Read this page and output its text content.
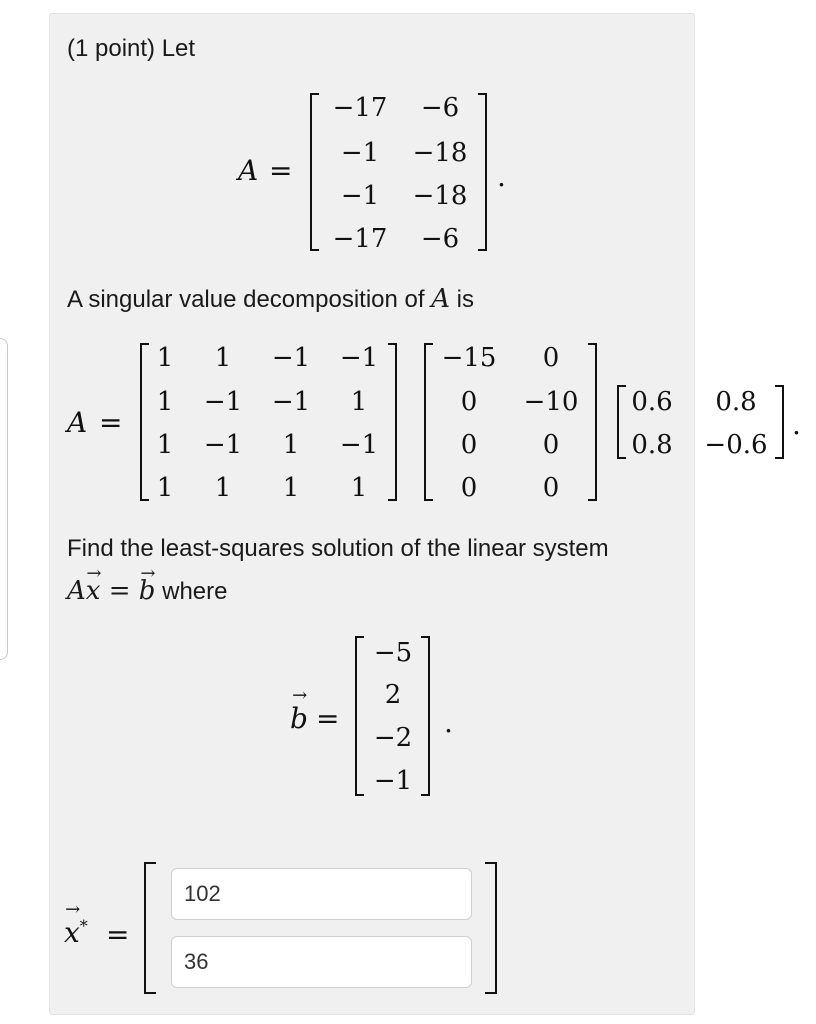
(1 point) Let
A =
−17	−6
−1	−18
−1	−18
−17	−6
.
A singular value decomposition of A is
A =
1	1	−1 −1
1 −1 −1	1
1 −1	1	−1
1	1	1	1
−15	0
0	−10
0	0
0	0
0.6	0.8
0.8 −0.6
.
Find the least-squares solution of the linear system
A→ x = → b where
→ b =
−5
2
−2
−1
.
→ x* =
102
36
